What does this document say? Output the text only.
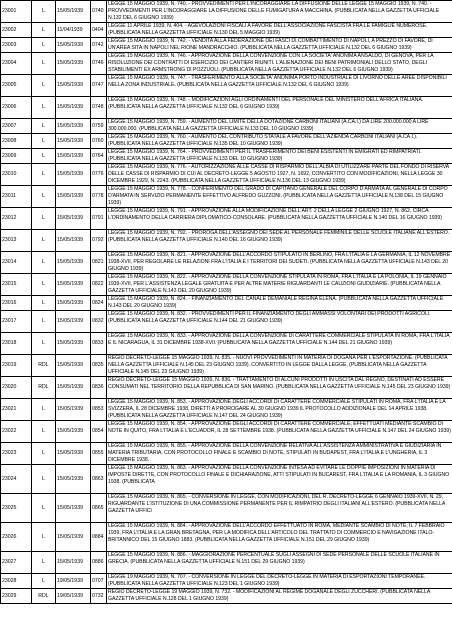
23001	L	15/05/1939	0740	LEGGE 15 MAGGIO 1939, N. 740. - PROVVEDIMENTI PER L'INCORAGGIARE LA DIFFUSIONE DELLE LEGGE 15 MAGGIO 1939, N. 740. - PROVVEDIMENTI PER L'INCORAGGIARE LA DIFFUSIONE DELLE FUMIGATURA A MACCHINA. (PUBBLICATA NELLA GAZZETTA UFFICIALE N.132 DEL 6 GIUGNO 1939)
23002	L	11/04/1939	0404	LEGGE 11 APRILE 1939, N. 404. - AGEVOLAZIONI FISCALI A FAVORE DELL'ASSOCIAZIONE FASCISTA FRA LE FAMIGLIE NUMEROSE. (PUBBLICATA NELLA GAZZETTA UFFICIALE N.130 DEL 5 MAGGIO 1939)
23003	L	15/05/1939	0742	LEGGE 15 MAGGIO 1939, N. 742. - VENDITA ALLA FEDERAZIONE DEI FASCI DI COMBATTIMENTO DI NAPOLI, A PREZZO DI FAVORE, DI UN'AREA SITA IN NAPOLI NEL RIONE MANDRACCHIO. (PUBBLICATA NELLA GAZZETTA UFFICIALE N.132 DEL 6 GIUGNO 1939)
23004	L	15/05/1939	0746	LEGGE 15 MAGGIO 1939, N. 746. - APPROVAZIONE DELLA CONVENZIONE CON LA SOCIETA' ANONIMA ANSALDO, DI GENOVA, PER LA RISOLUZIONE DEI CONTRATTI DI ESERCIZIO DEI CANTIERI RIUNITI. L'ALIENAZIONE DEI BENI PATRIMONIALI DELLO STATO, DEGLI STABILIMENTI EX ARMSTRONG DI POZZUOLI. (PUBBLICATA NELLA GAZZETTA UFFICIALE N.132 DEL 6 GIUGNO 1939)
23005	L	15/05/1939	0747	LEGGE 15 MAGGIO 1939, N. 747. - TRASFERIMENTO ALLA SOCIETA' ANONIMA PORTO INDUSTRIALE DI LIVORNO DELLE AREE DISPONIBILI NELLA ZONA INDUSTRIALE. (PUBBLICATA NELLA GAZZETTA UFFICIALE N.132 DEL 6 GIUGNO 1939)
23006	L	15/05/1939	0748	LEGGE 15 MAGGIO 1939, N. 748. - MODIFICAZIONI AGLI ORDINAMENTI DEL PERSONALE DEL MINISTERO DELL'AFRICA ITALIANA. (PUBBLICATA NELLA GAZZETTA UFFICIALE N.132 DEL 6 GIUGNO 1939)
23007	L	15/05/1939	0759	LEGGE 15 MAGGIO 1939, N. 759. - AUMENTO DEL LIMITE DELLA DOTAZIONE CARBONI ITALIANI (A.CA.I.) DA LIRE 200.000.000 A LIRE 300.000.000. (PUBBLICATA NELLA GAZZETTA UFFICIALE N.133 DEL 10 GIUGNO 1939)
23008	L	15/05/1939	0760	LEGGE 15 MAGGIO 1939, N. 760. - AUMENTO DEL CONTRIBUTO STATALE A FAVORE DELL'AZIENDA CARBONI ITALIANI (A.CA.I.). (PUBBLICATA NELLA GAZZETTA UFFICIALE N.135 DEL 10 GIUGNO 1939)
23009	L	15/05/1939	0764	LEGGE 15 MAGGIO 1939, N. 764. - PROVVEDIMENTI PER IL TRASFERIMENTO DEI BENI ESISTENTI IN EMIGRATI ED RIMPATRIATI. (PUBBLICATA NELLA GAZZETTA UFFICIALE N.133 DEL 10 GIUGNO 1939)
23010	L	15/05/1939	0776	LEGGE 15 MAGGIO 1939, N. 776. - AUTORIZZAZIONE ALLE CASSE DI RISPARMIO DELL'ALBIA DI UTILIZZARE PARTE DEL FONDO DI RISERVA DELLE CASSE DI RISPARMIO DI CUI AL DECRETO-LEGGE 5 AGOSTO 1927, N. 1692, CONVERTITO CON MODIFICAZIONI, NELLA LEGGE 30 DICEMBRE 1929, N. 2243. (PUBBLICATA NELLA GAZZETTA UFFICIALE N.136 DEL 13 GIUGNO 1939)
23011	L	15/05/1939	0778	LEGGE 15 MAGGIO 1939, N. 778. - CONFERIMENTO DEL GRADO DI CAPITANO GENERALE DEL CORPO D'ARMATA AL GENERALE DI CORPO D'ARMATA IN SERVIZIO PERMANENTE EFFETTIVO ALFREDO GUZZONI. (PUBBLICATA NELLA GAZZETTA UFFICIALE N.138 DEL 15 GIUGNO 1939)
23012	L	15/05/1939	0791	LEGGE 15 MAGGIO 1939, N. 791. - APPROVAZIONE ALLA MODIFICAZIONE DELL'ART. 2 DELLA LEGGE 2 GIUGNO 1927, N. 862, CIRCA L'ORDINAMENTO DELLA CARRIERA DIPLOMATICO-CONSOLARE. (PUBBLICATA NELLA GAZZETTA UFFICIALE N.140 DEL 16 GIUGNO 1939)
23013	L	15/05/1939	0792	LEGGE 15 MAGGIO 1939, N. 792. - PROROGA DELL'ASSEGNO DEI SEDE AL PERSONALE FEMMINILE DELLE SCUOLE ITALIANE ALL'ESTERO. (PUBBLICATA NELLA GAZZETTA UFFICIALE N.140 DEL 16 GIUGNO 1939)
23014	L	15/05/1939	0821	LEGGE 15 MAGGIO 1939, N. 821. - APPROVAZIONE DELL'ACCORDO STIPULATO IN BERLINO, FRA L'ITALIA E LA GERMANIA, IL 12 NOVEMBRE 1938-XVII, PER REGOLARE LE RELAZIONI FRA L'ITALIA E I TERRITORI DEI SUDETI. (PUBBLICATA NELLA GAZZETTA UFFICIALE N.143 DEL 20 GIUGNO 1939)
23015	L	15/05/1939	0822	LEGGE 15 MAGGIO 1939, N. 822. - APPROVAZIONE DELLA CONVENZIONE STIPULATA IN ROMA, FRA L'ITALIA E LA POLONIA, IL 19 GENNAIO 1939-XVII, PER L'ASSISTENZA LEGALE GRATUITA E PER ALTRE MATERIE RIGUARDANTI LE CAUZIONI GIUDIZIARIE. (PUBBLICATA NELLA GAZZETTA UFFICIALE N.143 DEL 20 GIUGNO 1939)
23016	L	15/05/1939	0824	LEGGE 15 MAGGIO 1939, N. 824. - FINANZIAMENTO DEL CANALE DEMANIALE REGINA ELENA. (PUBBLICATA NELLA GAZZETTA UFFICIALE N.143 DEL 20 GIUGNO 1939)
23017	L	15/05/1939	0832	LEGGE 15 MAGGIO 1939, N. 832. - PROVVEDIMENTI PER IL FINANZIAMENTO DEGLI AMMASSI VOLONTARI DEI PRODOTTI AGRICOLI. (PUBBLICATA NELLA GAZZETTA UFFICIALE N.144 DEL 21 GIUGNO 1939)
23018	L	15/05/1939	0833	LEGGE 15 MAGGIO 1939, N. 833. - APPROVAZIONE DELLA CONVENZIONE DI CARATTERE COMMERCIALE STIPULATA IN ROMA, FRA L'ITALIA E IL NICARAGUA, IL 31 DICEMBRE 1938-XVII. (PUBBLICATA NELLA GAZZETTA UFFICIALE N.144 DEL 21 GIUGNO 1939)
23019	RDL	15/05/1939	0835	REGIO DECRETO-LEGGE 15 MAGGIO 1939, N. 835. - NUOVI PROVVEDIMENTI IN MATERIA DI DOGANA PER L'ESPORTAZIONE. (PUBBLICATA NELLA GAZZETTA UFFICIALE N.145 DEL 23 GIUGNO 1939). CONVERTITO IN LEGGE DALLA LEGGE. (PUBBLICATA NELLA GAZZETTA UFFICIALE N.145 DEL 23 GIUGNO 1939)
23020	RDL	15/05/1939	0836	REGIO DECRETO-LEGGE 15 MAGGIO 1939, N. 836. - TRATTAMENTO DI ALCUNI PRODOTTI IN USCITA DAL REGNO, DESTINATI AD ESSERE CONSUMATI NEL TERRITORIO DELLA REPUBBLICA DI SAN MARINO. (PUBBLICATA NELLA GAZZETTA UFFICIALE N.145 DEL 23 GIUGNO 1939)
23021	L	15/05/1939	0853	LEGGE 15 MAGGIO 1939, N. 853. - APPROVAZIONE DEGLI ACCORDI DI CARATTERE COMMERCIALE STIPULATI IN ROMA, FRA L'ITALIA E LA SVIZZERA, IL 28 DICEMBRE 1938, DIRETTI A PROROGARE AL 30 GIUGNO 1939 IL PROTOCOLLO ADDIZIONALE DEL 14 APRILE 1938. (PUBBLICATA NELLA GAZZETTA UFFICIALE N.147 DEL 24 GIUGNO 1939)
23022	L	15/05/1939	0854	LEGGE 15 MAGGIO 1939, N. 854. - APPROVAZIONE DEGLI ACCORDI DI CARATTERE COMMERCIALE, EFFETTUATI MEDIANTE SCAMBIO DI NOTE IN QUITO, FRA L'ITALIA E L'ECUADOR, IL 28 SETTEMBRE 1938. (PUBBLICATA NELLA GAZZETTA UFFICIALE N.147 DEL 24 GIUGNO 1939)
23023	L	15/05/1939	0855	LEGGE 15 MAGGIO 1939, N. 855. - APPROVAZIONE DELLA CONVENZIONE RELATIVA ALL'ASSISTENZA AMMINISTRATIVA E GIUDIZIARIA IN MATERIA TRIBUTARIA, CON PROTOCOLLO FINALE E SCAMBIO DI NOTE, STIPULATI IN BUDAPEST, FRA L'ITALIA E L'UNGHERIA, IL 3 DICEMBRE 1938.
23024	L	15/05/1939	0863	LEGGE 15 MAGGIO 1939, N. 863. - APPROVAZIONE DELLA CONVENZIONE INTESA AD EVITARE LE DOPPIE IMPOSIZIONI IN MATERIA DI IMPOSTE DIRETTE, CON PROTOCOLLO FINALE E DICHIARAZIONE, ATTI STIPULATI IN BUCAREST, FRA L'ITALIA E LA ROMANIA, IL 3 GIUGNO 1938. (PUBBLICATA
23025	L	15/05/1939	0865	LEGGE 15 MAGGIO 1939, N. 865. - CONVERSIONE IN LEGGE, CON MODIFICAZIONI, DEL R. DECRETO-LEGGE 6 GENNAIO 1939-XVII, N. 29, RIGUARDANTE L'ISTITUZIONE DI UNA COMMISSIONE PERMANENTE PER IL RIMPATRIO DEGLI ITALIANI ALL'ESTERO. (PUBBLICATA NELLA GAZZETTA UFFICI
23026	L	15/05/1939	0884	LEGGE 15 MAGGIO 1939, N. 884. - APPROVAZIONE DELL'ACCORDO EFFETTUATO IN ROMA, MEDIANTE SCAMBIO DI NOTE, IL 7 FEBBRAIO 1939, FRA L'ITALIA E LA GRAN BRETAGNA, PER LA MODIFICA DELL'ARTICOLO DEL TRATTATO DI COMMERCIO E NAVIGAZIONE ITALO-BRITANNICO DEL 15 GIUGNO 1883. (PUBBLICATA NELLA GAZZETTA UFFICIALE N.151 DEL 29 GIUGNO 1939)
23027	L	15/05/1939	0886	LEGGE 15 MAGGIO 1939, N. 886. - MAGGIORAZIONE PERCENTUALE SUGLI ASSEGNI DI SEDE PERSONALE DELLE SCUOLE ITALIANE IN GRECIA. (PUBBLICATA NELLA GAZZETTA UFFICIALE N.151 DEL 29 GIUGNO 1939)
23028	L	19/05/1939	0707	LEGGE 19 MAGGIO 1939, N. 707. - CONVERSIONE IN LEGGE DEL DECRETO-LEGGE IN MATERIA DI ESPORTAZIONI TEMPORANEE. (PUBBLICATA NELLA GAZZETTA UFFICIALE N.123 DEL 1 GIUGNO 1939)
23029	RDL	19/05/1939	0732	REGIO DECRETO-LEGGE 19 MAGGIO 1939, N. 732. - MODIFICAZIONI AL REGIME DOGANALE DEGLI ZUCCHERI. (PUBBLICATA NELLA GAZZETTA UFFICIALE N.128 DEL 1 GIUGNO 1939)
